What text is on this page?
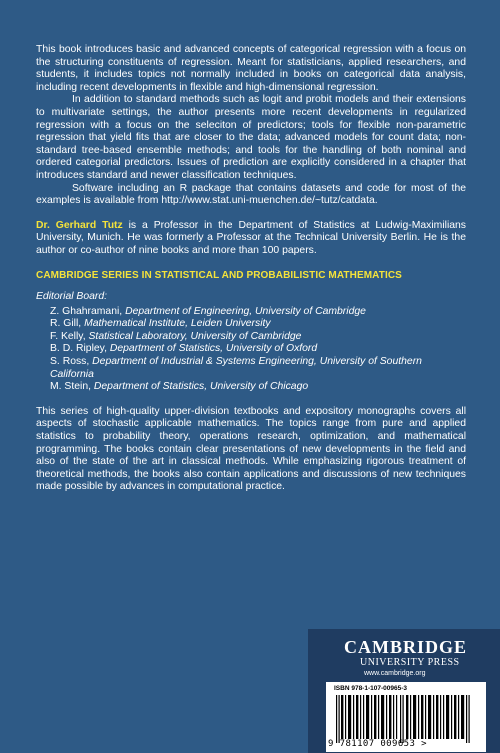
This book introduces basic and advanced concepts of categorical regression with a focus on the structuring constituents of regression. Meant for statisticians, applied researchers, and students, it includes topics not normally included in books on categorical data analysis, including recent developments in flexible and high-dimensional regression.

In addition to standard methods such as logit and probit models and their extensions to multivariate settings, the author presents more recent developments in regularized regression with a focus on the seleciton of predictors; tools for flexible non-parametric regression that yield fits that are closer to the data; advanced models for count data; non-standard tree-based ensemble methods; and tools for the handling of both nominal and ordered categorial predictors. Issues of prediction are explicitly considered in a chapter that introduces standard and newer classification techniques.

Software including an R package that contains datasets and code for most of the examples is available from http://www.stat.uni-muenchen.de/~tutz/catdata.

Dr. Gerhard Tutz is a Professor in the Department of Statistics at Ludwig-Maximilians University, Munich. He was formerly a Professor at the Technical University Berlin. He is the author or co-author of nine books and more than 100 papers.

CAMBRIDGE SERIES IN STATISTICAL AND PROBABILISTIC MATHEMATICS

Editorial Board:

Z. Ghahramani, Department of Engineering, University of Cambridge
R. Gill, Mathematical Institute, Leiden University
F. Kelly, Statistical Laboratory, University of Cambridge
B. D. Ripley, Department of Statistics, University of Oxford
S. Ross, Department of Industrial & Systems Engineering, University of Southern California
M. Stein, Department of Statistics, University of Chicago

This series of high-quality upper-division textbooks and expository monographs covers all aspects of stochastic applicable mathematics. The topics range from pure and applied statistics to probability theory, operations research, optimization, and mathematical programming. The books contain clear presentations of new developments in the field and also of the state of the art in classical methods. While emphasizing rigorous treatment of theoretical methods, the books also contain applications and discussions of new techniques made possible by advances in computational practice.

CAMBRIDGE
UNIVERSITY PRESS
www.cambridge.org
ISBN 978-1-107-00965-3
9 781107 009653 >
